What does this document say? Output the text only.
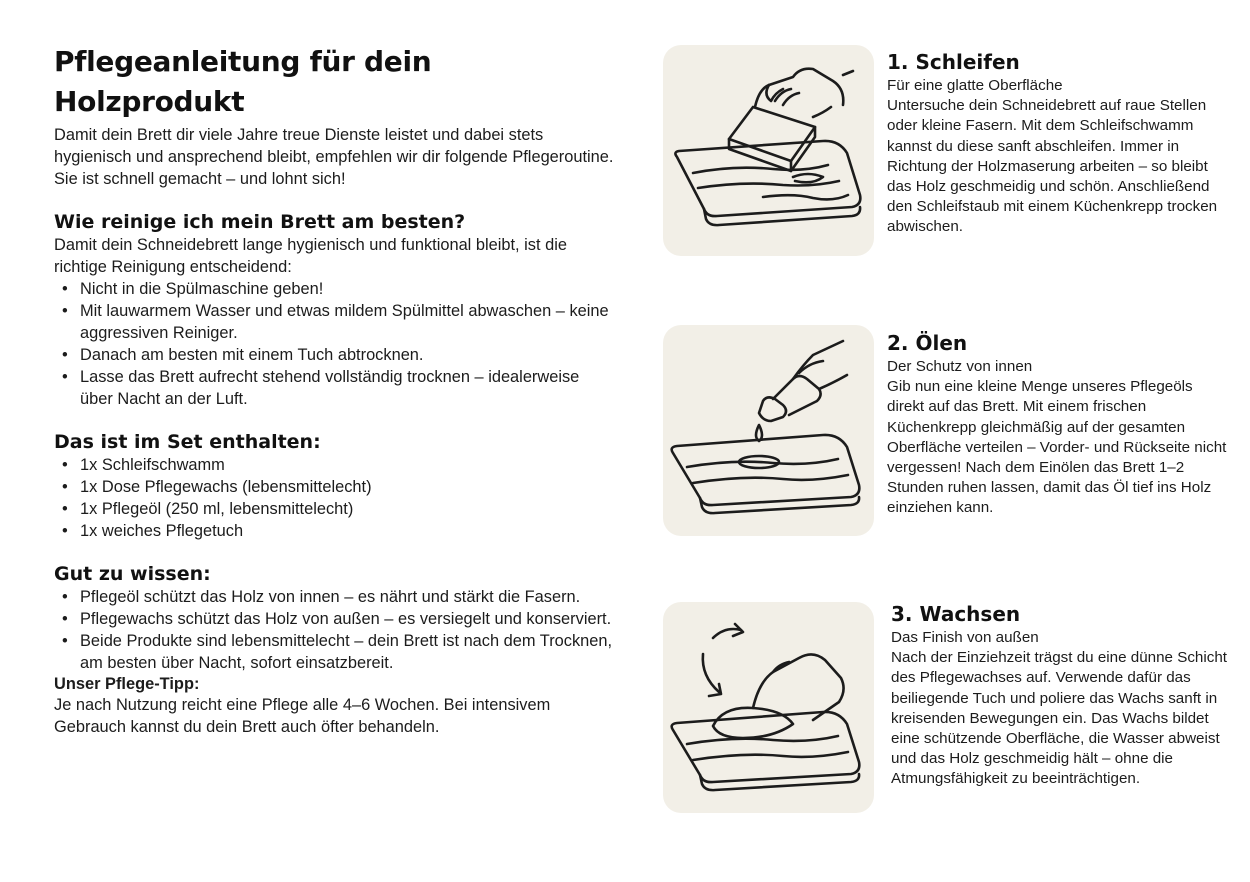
Pflegeanleitung für dein Holzprodukt

Damit dein Brett dir viele Jahre treue Dienste leistet und dabei stets hygienisch und ansprechend bleibt, empfehlen wir dir folgende Pflegeroutine. Sie ist schnell gemacht – und lohnt sich!

Wie reinige ich mein Brett am besten?

Damit dein Schneidebrett lange hygienisch und funktional bleibt, ist die richtige Reinigung entscheidend:

• Nicht in die Spülmaschine geben!
• Mit lauwarmem Wasser und etwas mildem Spülmittel abwaschen – keine aggressiven Reiniger.
• Danach am besten mit einem Tuch abtrocknen.
• Lasse das Brett aufrecht stehend vollständig trocknen – idealerweise über Nacht an der Luft.
Das ist im Set enthalten:
• 1x Schleifschwamm
• 1x Dose Pflegewachs (lebensmittelecht)
• 1x Pflegeöl (250 ml, lebensmittelecht)
• 1x weiches Pflegetuch
Gut zu wissen:
• Pflegeöl schützt das Holz von innen – es nährt und stärkt die Fasern.
• Pflegewachs schützt das Holz von außen – es versiegelt und konserviert.
• Beide Produkte sind lebensmittelecht – dein Brett ist nach dem Trocknen, am besten über Nacht, sofort einsatzbereit.

Unser Pflege-Tipp:

Je nach Nutzung reicht eine Pflege alle 4–6 Wochen. Bei intensivem Gebrauch kannst du dein Brett auch öfter behandeln.

1. Schleifen

Für eine glatte Oberfläche

Untersuche dein Schneidebrett auf raue Stellen oder kleine Fasern. Mit dem Schleifschwamm kannst du diese sanft abschleifen. Immer in Richtung der Holzmaserung arbeiten – so bleibt das Holz geschmeidig und schön. Anschließend den Schleifstaub mit einem Küchenkrepp trocken abwischen.

2. Ölen

Der Schutz von innen

Gib nun eine kleine Menge unseres Pflegeöls direkt auf das Brett. Mit einem frischen Küchenkrepp gleichmäßig auf der gesamten Oberfläche verteilen – Vorder- und Rückseite nicht vergessen! Nach dem Einölen das Brett 1–2 Stunden ruhen lassen, damit das Öl tief ins Holz einziehen kann.

3. Wachsen

Das Finish von außen

Nach der Einziehzeit trägst du eine dünne Schicht des Pflegewachses auf. Verwende dafür das beiliegende Tuch und poliere das Wachs sanft in kreisenden Bewegungen ein. Das Wachs bildet eine schützende Oberfläche, die Wasser abweist und das Holz geschmeidig hält – ohne die Atmungsfähigkeit zu beeinträchtigen.
